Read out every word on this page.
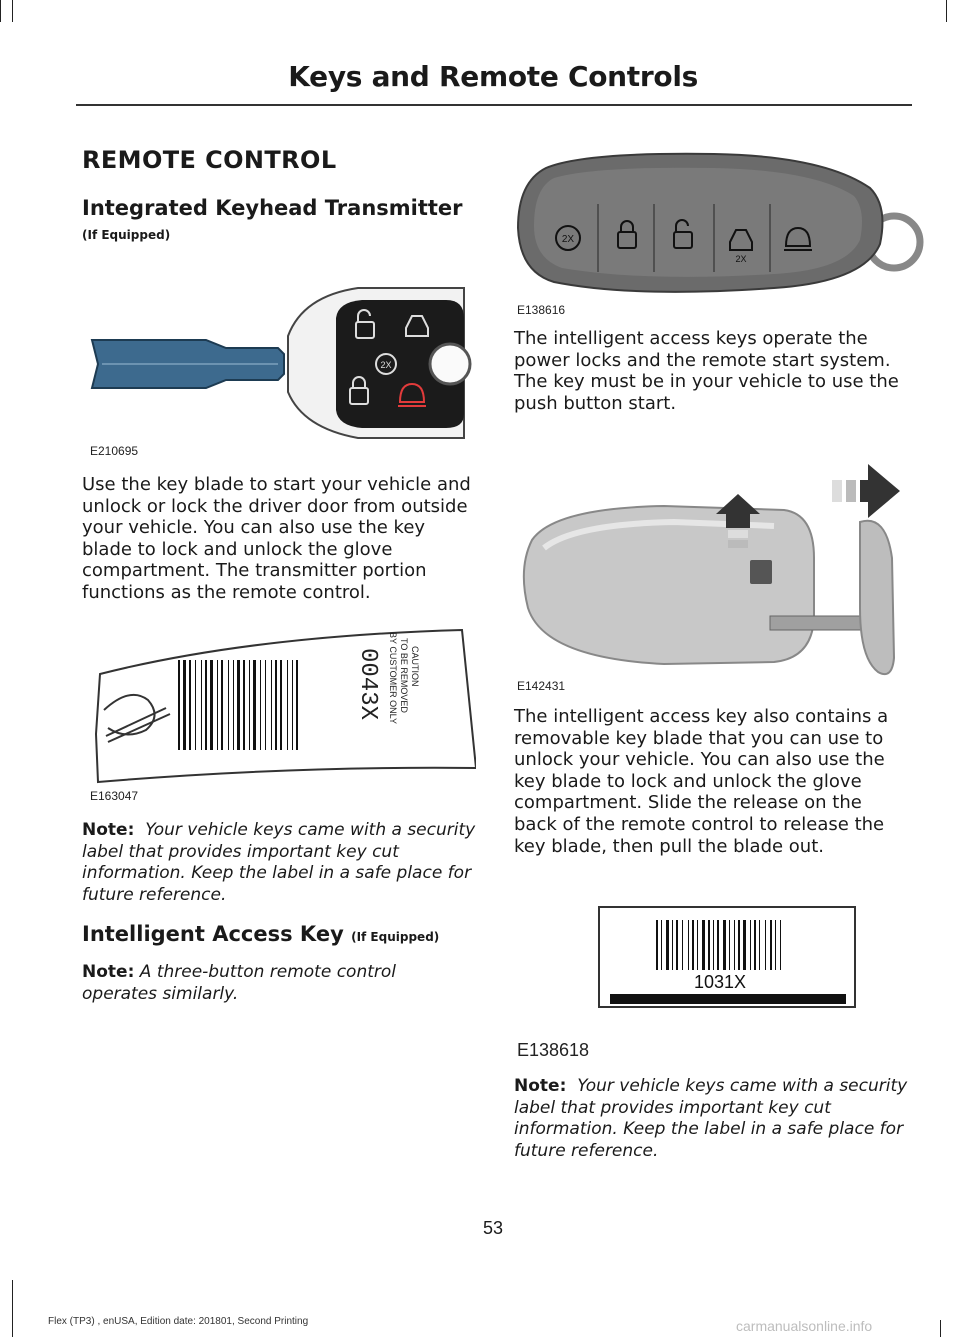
Keys and Remote Controls
REMOTE CONTROL
Integrated Keyhead Transmitter (If Equipped)
2X
E210695

Use the key blade to start your vehicle and unlock or lock the driver door from outside your vehicle. You can also use the key blade to lock and unlock the glove compartment. The transmitter portion functions as the remote control.

CAUTION
TO BE REMOVED
BY CUSTOMER ONLY
0043X
E163047

Note: Your vehicle keys came with a security label that provides important key cut information. Keep the label in a safe place for future reference.

Intelligent Access Key (If Equipped)

Note: A three-button remote control operates similarly.

2X
2X
E138616

The intelligent access keys operate the power locks and the remote start system. The key must be in your vehicle to use the push button start.

E142431

The intelligent access key also contains a removable key blade that you can use to unlock your vehicle. You can also use the key blade to lock and unlock the glove compartment. Slide the release on the back of the remote control to release the key blade, then pull the blade out.

1031X
E138618

Note: Your vehicle keys came with a security label that provides important key cut information. Keep the label in a safe place for future reference.

53
Flex (TP3) , enUSA, Edition date: 201801, Second Printing	carmanualsonline.info
